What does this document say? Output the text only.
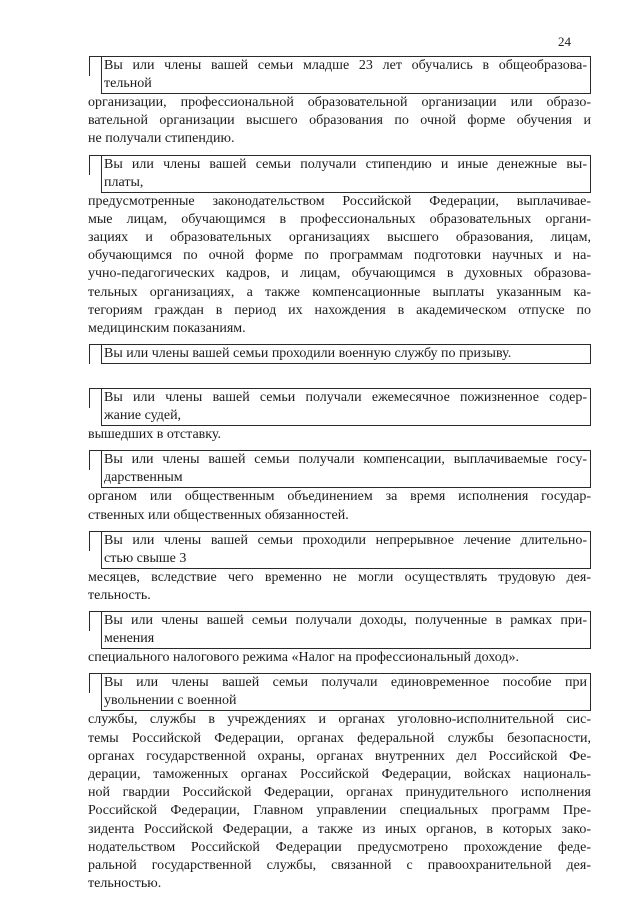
24
Вы или члены вашей семьи младше 23 лет обучались в общеобразова-
тельной
организации, профессиональной образовательной организации или образо-
вательной организации высшего образования по очной форме обучения и
не получали стипендию.
Вы или члены вашей семьи получали стипендию и иные денежные вы-
платы,
предусмотренные законодательством Российской Федерации, выплачивае-
мые лицам, обучающимся в профессиональных образовательных органи-
зациях и образовательных организациях высшего образования, лицам,
обучающимся по очной форме по программам подготовки научных и на-
учно-педагогических кадров, и лицам, обучающимся в духовных образова-
тельных организациях, а также компенсационные выплаты указанным ка-
тегориям граждан в период их нахождения в академическом отпуске по
медицинским показаниям.
Вы или члены вашей семьи проходили военную службу по призыву.
Вы или члены вашей семьи получали ежемесячное пожизненное содер-
жание судей,
вышедших в отставку.
Вы или члены вашей семьи получали компенсации, выплачиваемые госу-
дарственным
органом или общественным объединением за время исполнения государ-
ственных или общественных обязанностей.
Вы или члены вашей семьи проходили непрерывное лечение длительно-
стью свыше 3
месяцев, вследствие чего временно не могли осуществлять трудовую дея-
тельность.
Вы или члены вашей семьи получали доходы, полученные в рамках при-
менения
специального налогового режима «Налог на профессиональный доход».
Вы или члены вашей семьи получали единовременное пособие при
увольнении с военной
службы, службы в учреждениях и органах уголовно-исполнительной сис-
темы Российской Федерации, органах федеральной службы безопасности,
органах государственной охраны, органах внутренних дел Российской Фе-
дерации, таможенных органах Российской Федерации, войсках националь-
ной гвардии Российской Федерации, органах принудительного исполнения
Российской Федерации, Главном управлении специальных программ Пре-
зидента Российской Федерации, а также из иных органов, в которых зако-
нодательством Российской Федерации предусмотрено прохождение феде-
ральной государственной службы, связанной с правоохранительной дея-
тельностью.
